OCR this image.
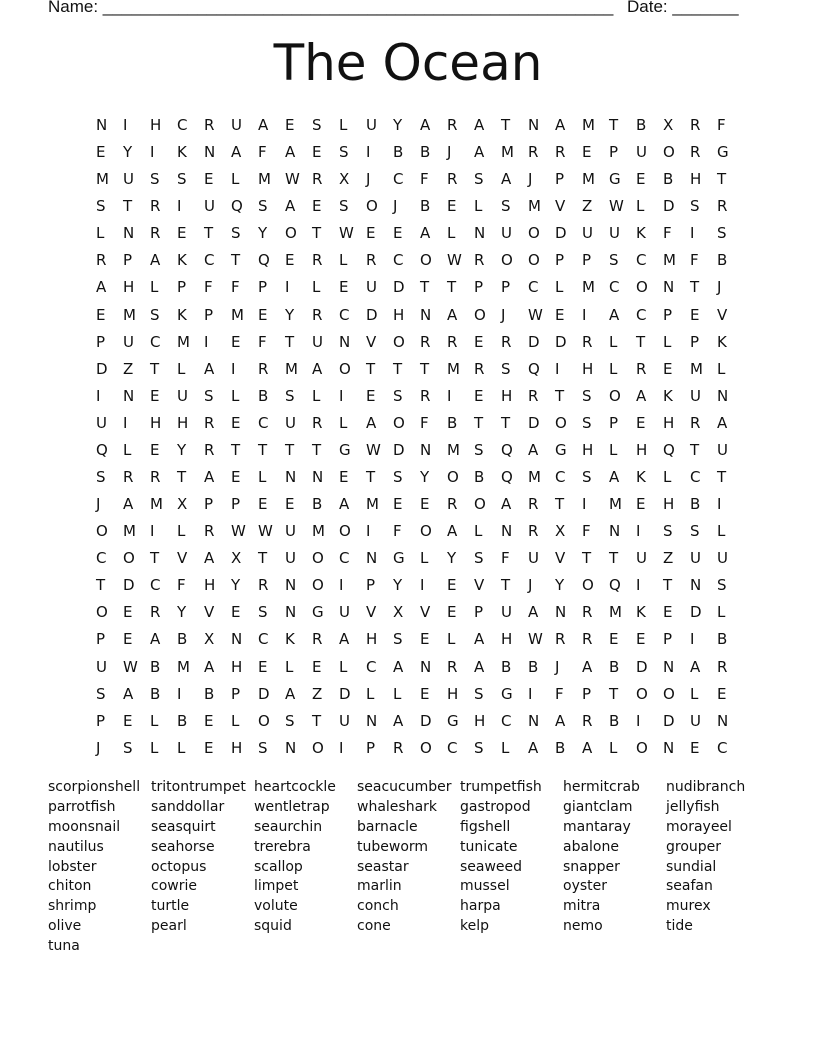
Name: ______________________________________________________ Date: _______
The Ocean
N	I	H	C	R	U	A	E	S	L	U	Y	A	R	A	T	N	A	M T	B	X	R	F
E	Y	I	K	N	A	F	A	E	S	I	B	B	J	A	M R	R	E	P	U	O	R	G
M U	S	S	E	L	M W R	X	J	C	F	R	S	A	J	P	M G	E	B	H	T
S	T	R	I	U	Q	S	A	E	S	O	J	B	E	L	S	M V	Z	W L	D	S	R
L	N	R	E	T	S	Y	O	T	W E	E	A	L	N	U	O	D	U	U	K	F	I	S
R	P	A	K	C	T	Q	E	R	L	R	C	O	W R	O	O	P	P	S	C	M F	B
A	H	L	P	F	F	P	I	L	E	U	D	T	T	P	P	C	L	M C	O	N	T	J
E	M S	K	P	M E	Y	R	C	D	H	N	A	O	J	W E	I	A	C	P	E	V
P	U	C	M I	E	F	T	U	N	V	O	R	R	E	R	D	D	R	L	T	L	P	K
D	Z	T	L	A	I	R	M A	O	T	T	T	M R	S	Q	I	H	L	R	E	M L
I	N	E	U	S	L	B	S	L	I	E	S	R	I	E	H	R	T	S	O	A	K	U	N
U	I	H	H	R	E	C	U	R	L	A	O	F	B	T	T	D	O	S	P	E	H	R	A
Q	L	E	Y	R	T	T	T	T	G	W D	N	M S	Q	A	G	H	L	H	Q	T	U
S	R	R	T	A	E	L	N	N	E	T	S	Y	O	B	Q	M C	S	A	K	L	C	T
J	A	M X	P	P	E	E	B	A	M E	E	R	O	A	R	T	I	M E	H	B	I
O	M I	L	R	W W U	M O	I	F	O	A	L	N	R	X	F	N	I	S	S	L
C	O	T	V	A	X	T	U	O	C	N	G	L	Y	S	F	U	V	T	T	U	Z	U	U
T	D	C	F	H	Y	R	N	O	I	P	Y	I	E	V	T	J	Y	O	Q	I	T	N	S
O	E	R	Y	V	E	S	N	G	U	V	X	V	E	P	U	A	N	R	M K	E	D	L
P	E	A	B	X	N	C	K	R	A	H	S	E	L	A	H	W R	R	E	E	P	I	B
U	W B	M A	H	E	L	E	L	C	A	N	R	A	B	B	J	A	B	D	N	A	R
S	A	B	I	B	P	D	A	Z	D	L	L	E	H	S	G	I	F	P	T	O	O	L	E
P	E	L	B	E	L	O	S	T	U	N	A	D	G	H	C	N	A	R	B	I	D	U	N
J	S	L	L	E	H	S	N	O	I	P	R	O	C	S	L	A	B	A	L	O	N	E	C
scorpionshell tritontrumpet heartcockle	seacucumber trumpetfish	hermitcrab	nudibranch
parrotfish	sanddollar	wentletrap	whaleshark	gastropod	giantclam	jellyfish
moonsnail	seasquirt	seaurchin	barnacle	figshell	mantaray	morayeel
nautilus	seahorse	trerebra	tubeworm	tunicate	abalone	grouper
lobster	octopus	scallop	seastar	seaweed	snapper	sundial
chiton	cowrie	limpet	marlin	mussel	oyster	seafan
shrimp	turtle	volute	conch	harpa	mitra	murex
olive	pearl	squid	cone	kelp	nemo	tide
tuna
